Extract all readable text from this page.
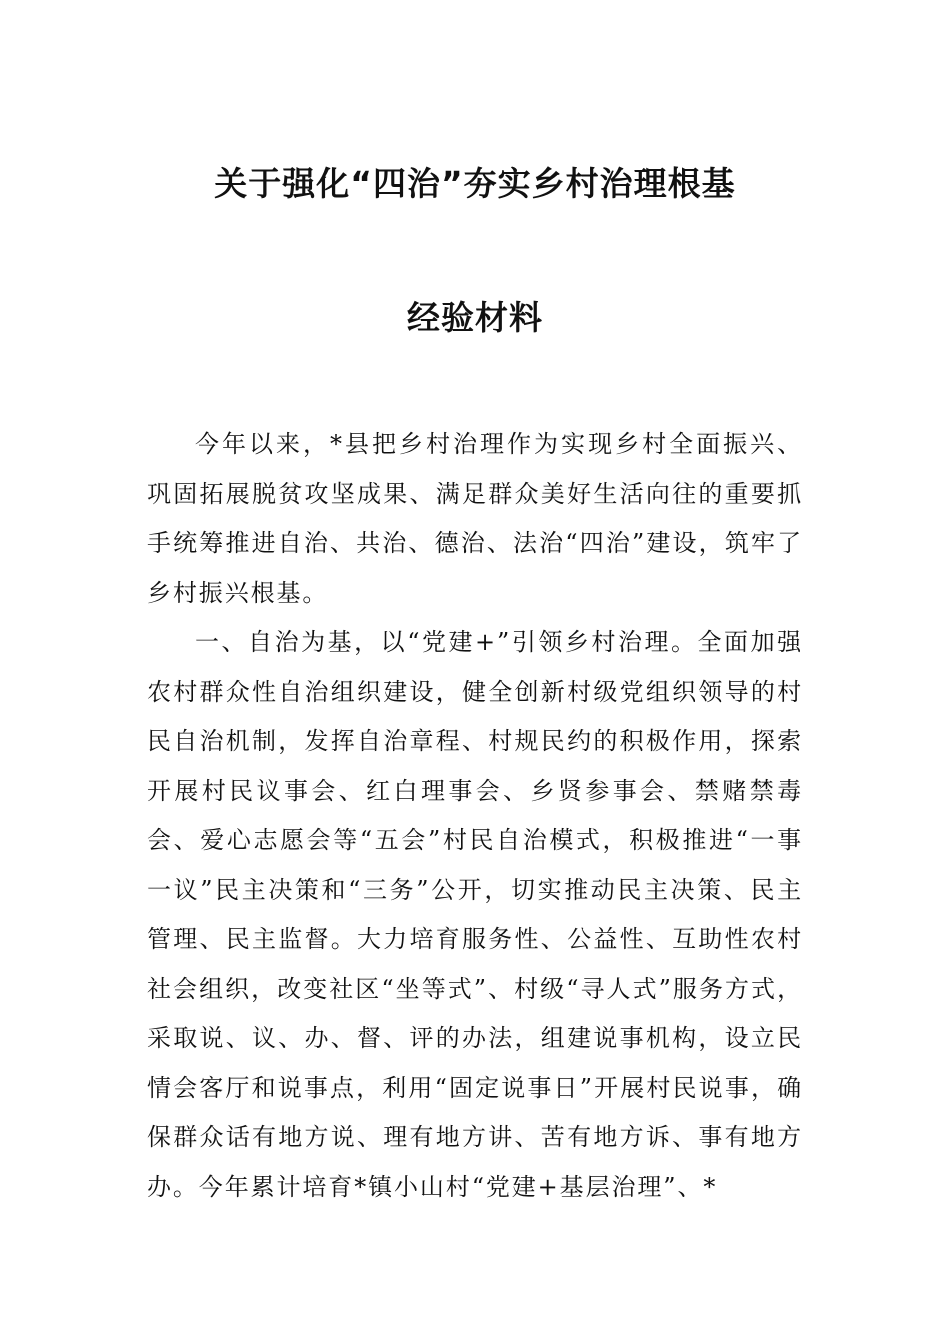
关于强化“四治”夯实乡村治理根基
经验材料

今年以来，*县把乡村治理作为实现乡村全面振兴、巩固拓展脱贫攻坚成果、满足群众美好生活向往的重要抓手统筹推进自治、共治、德治、法治“四治”建设，筑牢了乡村振兴根基。

一、自治为基，以“党建+”引领乡村治理。全面加强农村群众性自治组织建设，健全创新村级党组织领导的村民自治机制，发挥自治章程、村规民约的积极作用，探索开展村民议事会、红白理事会、乡贤参事会、禁赌禁毒会、爱心志愿会等“五会”村民自治模式，积极推进“一事一议”民主决策和“三务”公开，切实推动民主决策、民主管理、民主监督。大力培育服务性、公益性、互助性农村社会组织，改变社区“坐等式”、村级“寻人式”服务方式，采取说、议、办、督、评的办法，组建说事机构，设立民情会客厅和说事点，利用“固定说事日”开展村民说事，确保群众话有地方说、理有地方讲、苦有地方诉、事有地方办。今年累计培育*镇小山村“党建+基层治理”、*
